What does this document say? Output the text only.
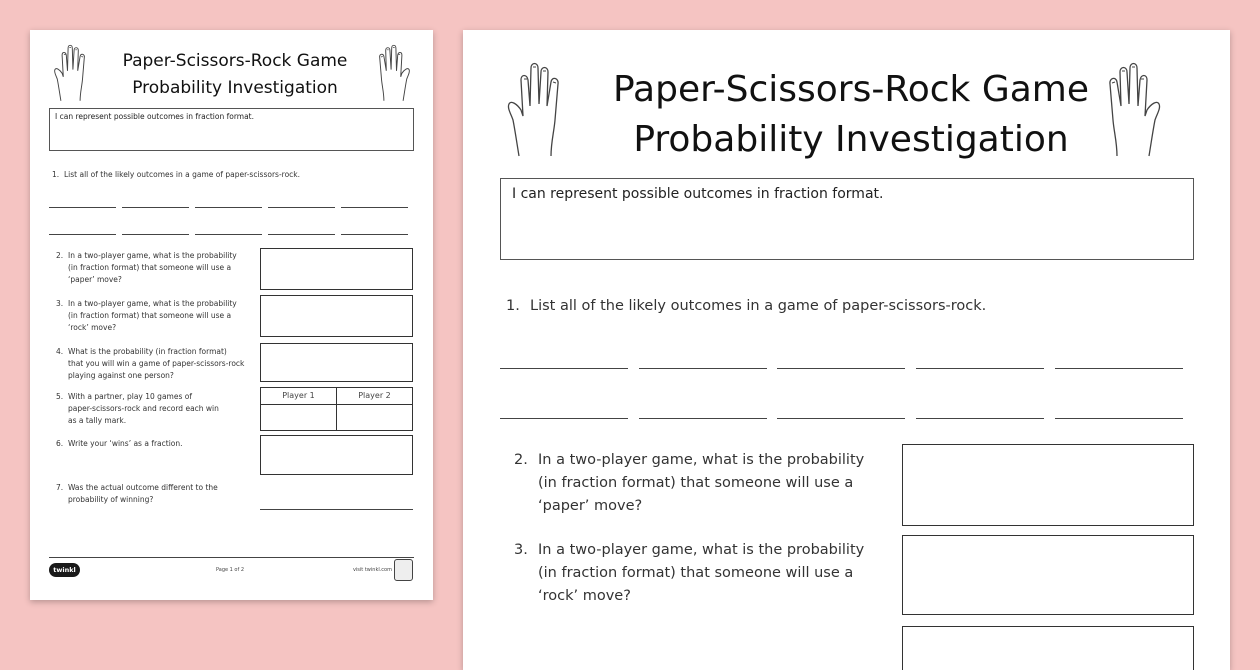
Paper-Scissors-Rock Game
Probability Investigation
I can represent possible outcomes in fraction format.
1. List all of the likely outcomes in a game of paper-scissors-rock.
2. In a two-player game, what is the probability
(in fraction format) that someone will use a
‘paper’ move?
3. In a two-player game, what is the probability
(in fraction format) that someone will use a
‘rock’ move?
4. What is the probability (in fraction format)
that you will win a game of paper-scissors-rock
playing against one person?
5. With a partner, play 10 games of
paper-scissors-rock and record each win
as a tally mark.
Player 1	Player 2
6. Write your ‘wins’ as a fraction.
7. Was the actual outcome different to the
probability of winning?
twinkl	Page 1 of 2	visit twinkl.com
Paper-Scissors-Rock Game
Probability Investigation
I can represent possible outcomes in fraction format.
1. List all of the likely outcomes in a game of paper-scissors-rock.
2. In a two-player game, what is the probability
(in fraction format) that someone will use a
‘paper’ move?
3. In a two-player game, what is the probability
(in fraction format) that someone will use a
‘rock’ move?
